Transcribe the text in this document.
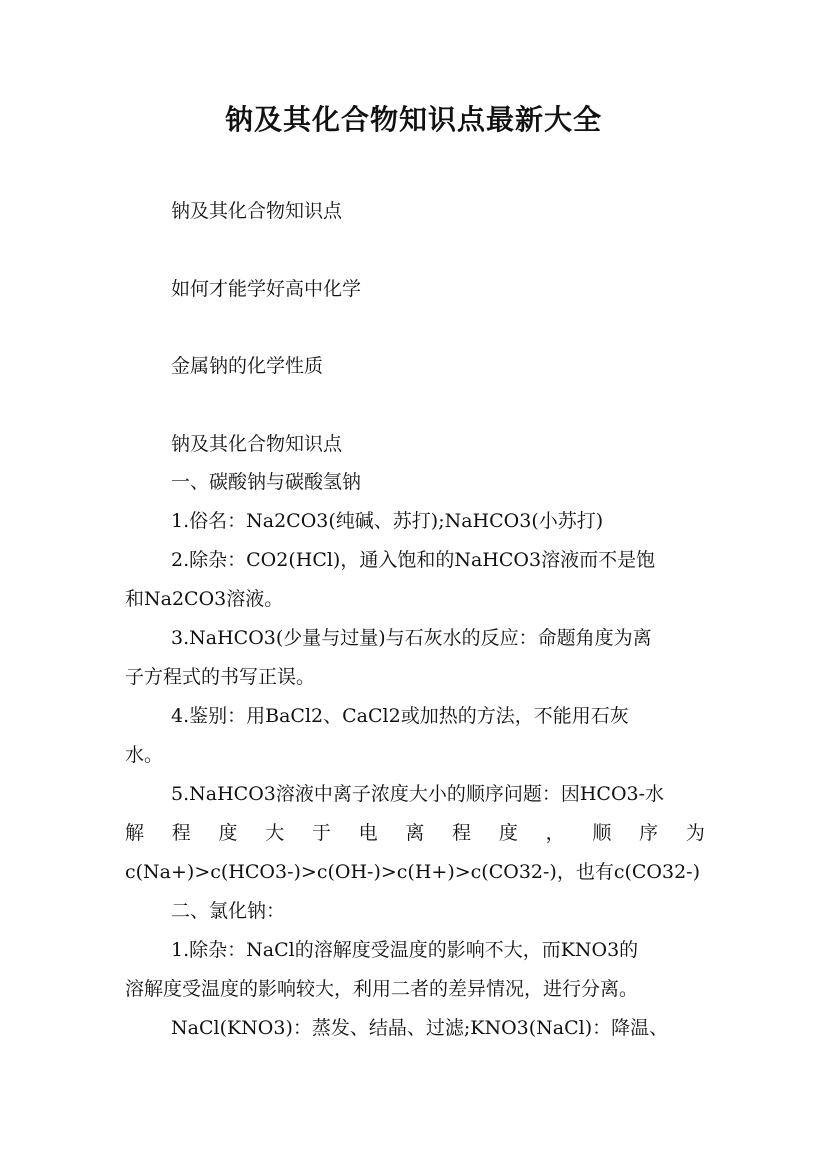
钠及其化合物知识点最新大全
钠及其化合物知识点
如何才能学好高中化学
金属钠的化学性质
钠及其化合物知识点
一、碳酸钠与碳酸氢钠
1.俗名：Na2CO3(纯碱、苏打);NaHCO3(小苏打)
2.除杂：CO2(HCl)，通入饱和的NaHCO3溶液而不是饱
和Na2CO3溶液。
3.NaHCO3(少量与过量)与石灰水的反应：命题角度为离
子方程式的书写正误。
4.鉴别：用BaCl2、CaCl2或加热的方法，不能用石灰
水。
5.NaHCO3溶液中离子浓度大小的顺序问题：因HCO3-水
解 程 度 大 于 电 离 程 度 ， 顺 序 为
c(Na+)>c(HCO3-)>c(OH-)>c(H+)>c(CO32-)，也有c(CO32-)
二、氯化钠：
1.除杂：NaCl的溶解度受温度的影响不大，而KNO3的
溶解度受温度的影响较大，利用二者的差异情况，进行分离。
NaCl(KNO3)：蒸发、结晶、过滤;KNO3(NaCl)：降温、
